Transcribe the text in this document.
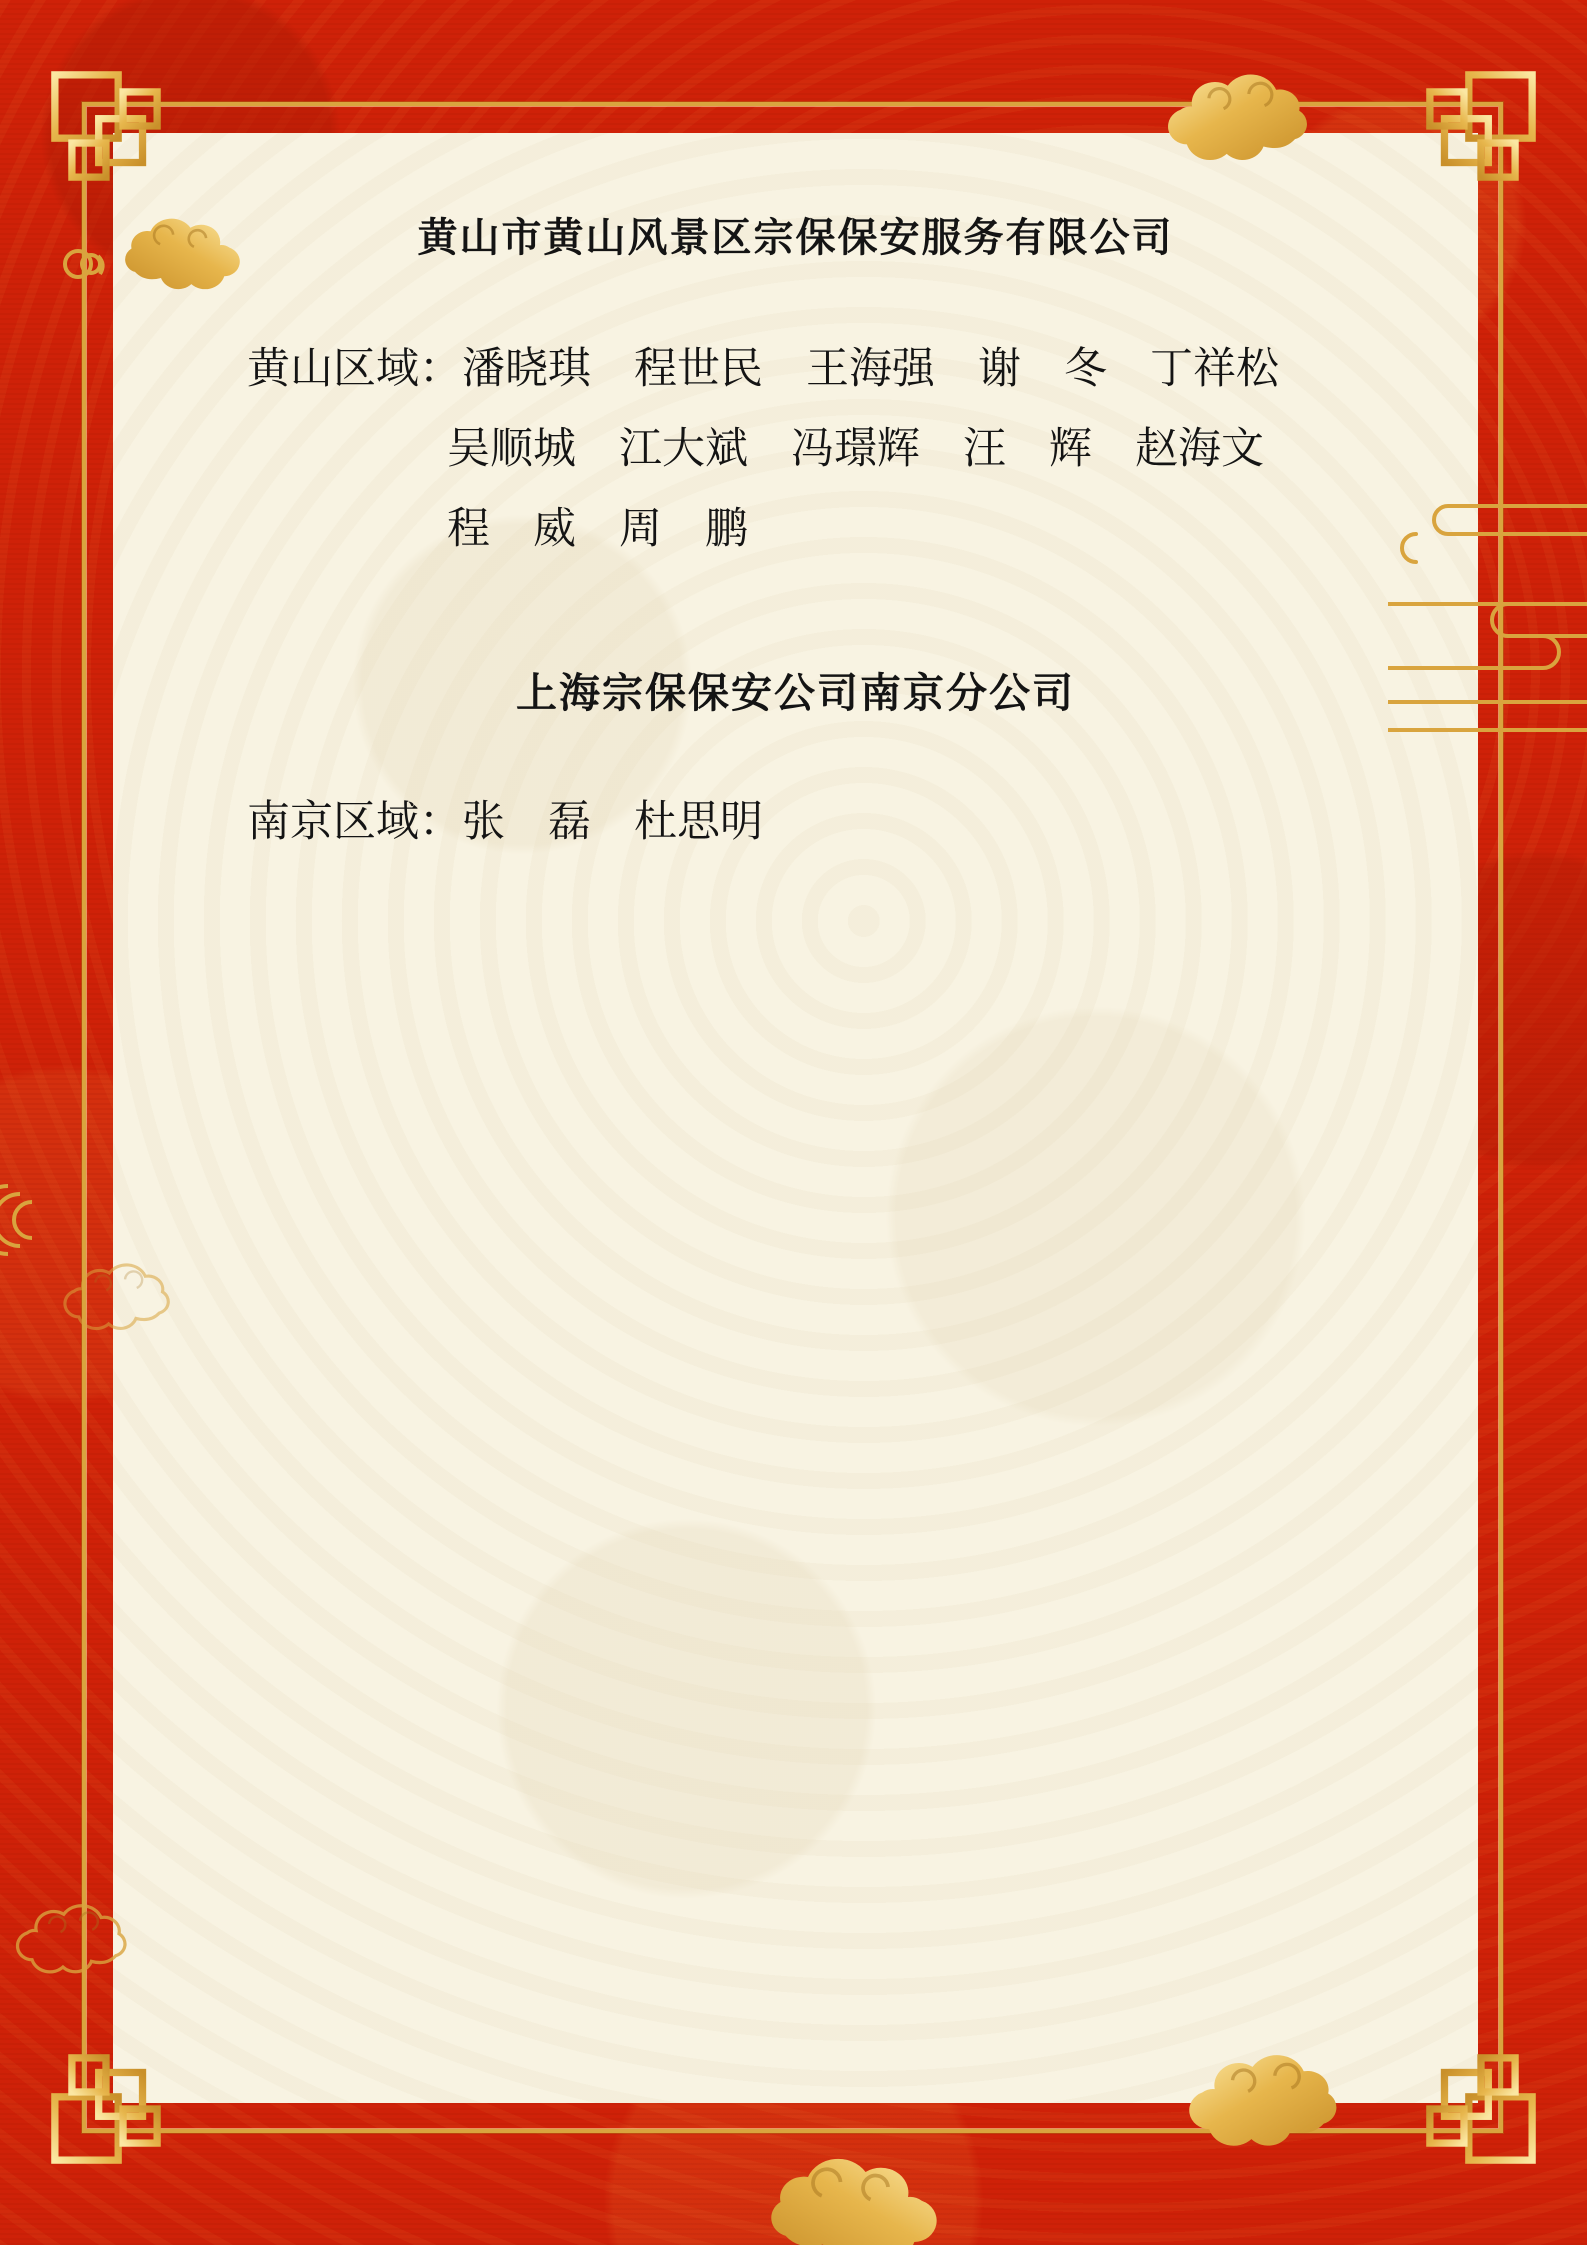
黄山市黄山风景区宗保保安服务有限公司
黄山区域：潘晓琪　程世民　王海强　谢　冬　丁祥松
吴顺城　江大斌　冯璟辉　汪　辉　赵海文
程　威　周　鹏
上海宗保保安公司南京分公司
南京区域：张　磊　杜思明
